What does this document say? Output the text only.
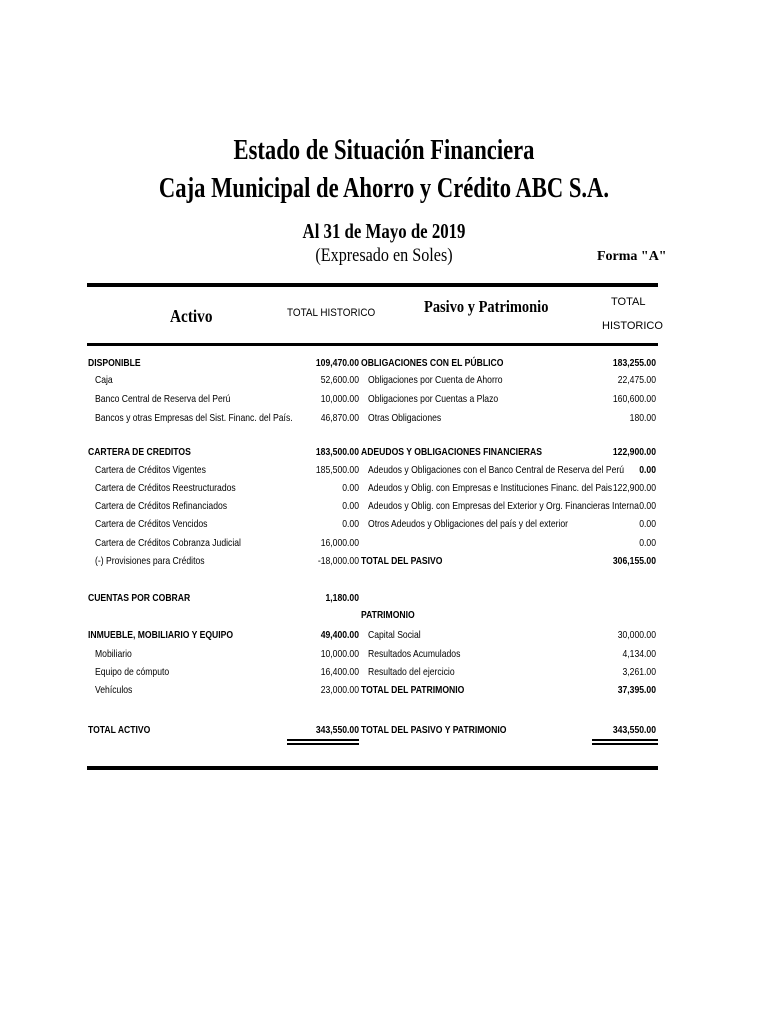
Estado de Situación Financiera
Caja Municipal de Ahorro y Crédito ABC S.A.
Al 31 de Mayo de 2019
(Expresado en Soles)	Forma "A"
Activo	TOTAL HISTORICO	Pasivo y Patrimonio	TOTAL
HISTORICO
DISPONIBLE	109,470.00 OBLIGACIONES CON EL PÚBLICO	183,255.00
Caja	52,600.00 Obligaciones por Cuenta de Ahorro	22,475.00
Banco Central de Reserva del Perú	10,000.00 Obligaciones por Cuentas a Plazo	160,600.00
Bancos y otras Empresas del Sist. Financ. del País.	46,870.00 Otras Obligaciones	180.00
CARTERA DE CREDITOS	183,500.00 ADEUDOS Y OBLIGACIONES FINANCIERAS	122,900.00
Cartera de Créditos Vigentes	185,500.00 Adeudos y Obligaciones con el Banco Central de Reserva del Perú	0.00
Cartera de Créditos Reestructurados	0.00 Adeudos y Oblig. con Empresas e Instituciones Financ. del Pais 122,900.00
Cartera de Créditos Refinanciados	0.00 Adeudos y Oblig. con Empresas del Exterior y Org. Financieras Interna 0.00
Cartera de Créditos Vencidos	0.00 Otros Adeudos y Obligaciones del país y del exterior	0.00
Cartera de Créditos Cobranza Judicial	16,000.00	0.00
(-) Provisiones para Créditos	-18,000.00 TOTAL DEL PASIVO	306,155.00
CUENTAS POR COBRAR	1,180.00
PATRIMONIO
INMUEBLE, MOBILIARIO Y EQUIPO	49,400.00 Capital Social	30,000.00
Mobiliario	10,000.00 Resultados Acumulados	4,134.00
Equipo de cómputo	16,400.00 Resultado del ejercicio	3,261.00
Vehículos	23,000.00 TOTAL DEL PATRIMONIO	37,395.00
TOTAL ACTIVO	343,550.00 TOTAL DEL PASIVO Y PATRIMONIO	343,550.00
